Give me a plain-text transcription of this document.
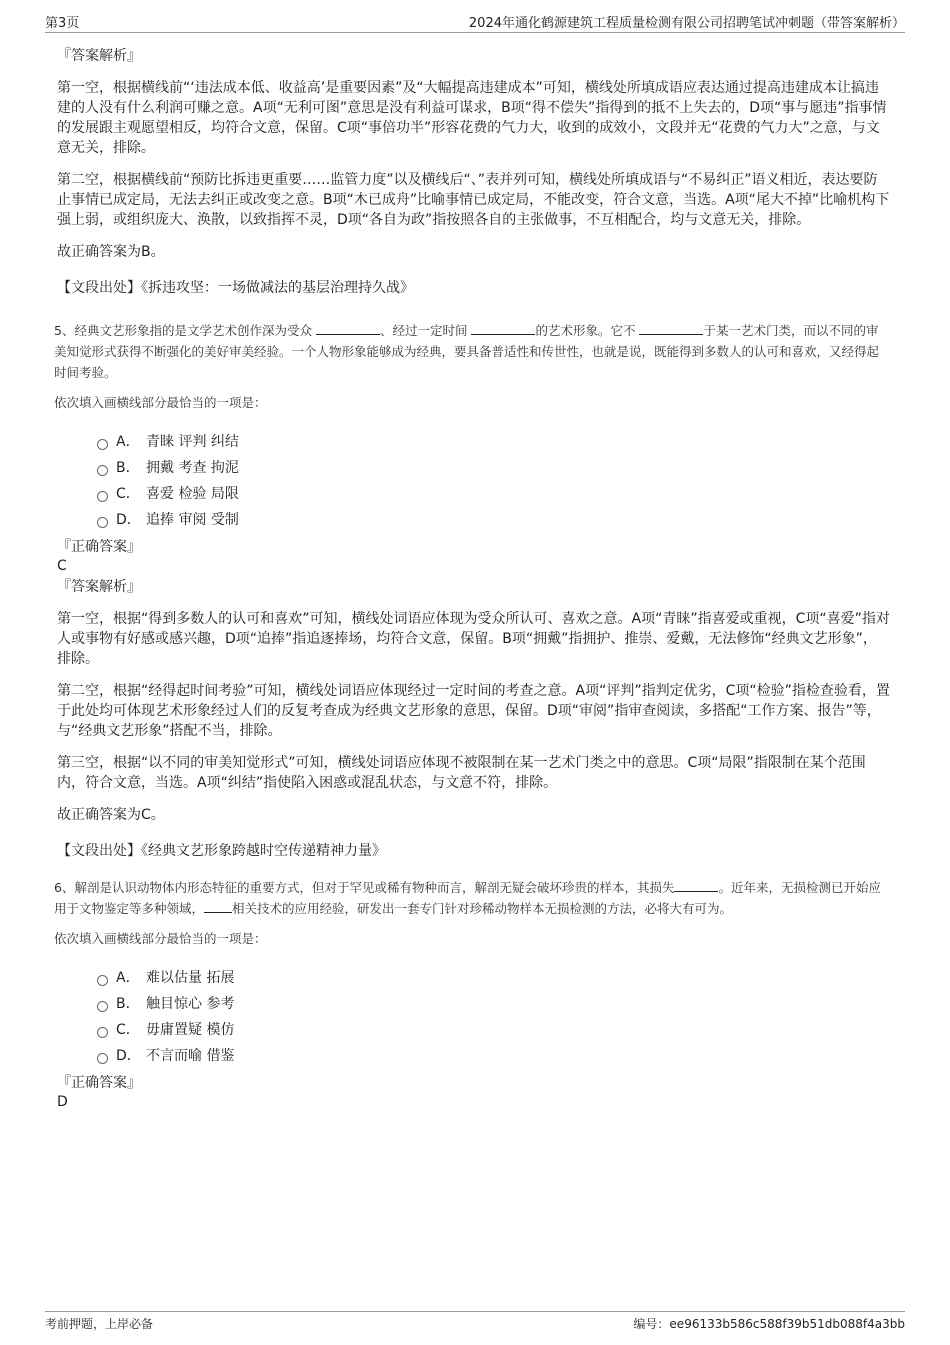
第3页	2024年通化鹤源建筑工程质量检测有限公司招聘笔试冲刺题（带答案解析）
『答案解析』

第一空，根据横线前“‘违法成本低、收益高’是重要因素”及“大幅提高违建成本”可知，横线处所填成语应表达通过提高违建成本让搞违建的人没有什么利润可赚之意。A项“无利可图”意思是没有利益可谋求，B项“得不偿失”指得到的抵不上失去的，D项“事与愿违”指事情的发展跟主观愿望相反，均符合文意，保留。C项“事倍功半”形容花费的气力大，收到的成效小，文段并无“花费的气力大”之意，与文意无关，排除。

第二空，根据横线前“预防比拆违更重要……监管力度”以及横线后“、”表并列可知，横线处所填成语与“不易纠正”语义相近，表达要防止事情已成定局，无法去纠正或改变之意。B项“木已成舟”比喻事情已成定局，不能改变，符合文意，当选。A项“尾大不掉”比喻机构下强上弱，或组织庞大、涣散，以致指挥不灵，D项“各自为政”指按照各自的主张做事，不互相配合，均与文意无关，排除。

故正确答案为B。

【文段出处】《拆违攻坚：一场做减法的基层治理持久战》

5、经典文艺形象指的是文学艺术创作深为受众	、经过一定时间	的艺术形象。它不	于某一艺术门类，而以不同的审美知觉形式获得不断强化的美好审美经验。一个人物形象能够成为经典，要具备普适性和传世性，也就是说，既能得到多数人的认可和喜欢，又经得起时间考验。

依次填入画横线部分最恰当的一项是：

A． 青睐 评判 纠结
B． 拥戴 考查 拘泥
C． 喜爱 检验 局限
D． 追捧 审阅 受制
『正确答案』
C
『答案解析』

第一空，根据“得到多数人的认可和喜欢”可知，横线处词语应体现为受众所认可、喜欢之意。A项“青睐”指喜爱或重视，C项“喜爱”指对人或事物有好感或感兴趣，D项“追捧”指追逐捧场，均符合文意，保留。B项“拥戴”指拥护、推崇、爱戴，无法修饰“经典文艺形象”，排除。

第二空，根据“经得起时间考验”可知，横线处词语应体现经过一定时间的考查之意。A项“评判”指判定优劣，C项“检验”指检查验看，置于此处均可体现艺术形象经过人们的反复考查成为经典文艺形象的意思，保留。D项“审阅”指审查阅读，多搭配“工作方案、报告”等，与“经典文艺形象”搭配不当，排除。

第三空，根据“以不同的审美知觉形式”可知，横线处词语应体现不被限制在某一艺术门类之中的意思。C项“局限”指限制在某个范围内，符合文意，当选。A项“纠结”指使陷入困惑或混乱状态，与文意不符，排除。

故正确答案为C。

【文段出处】《经典文艺形象跨越时空传递精神力量》

6、解剖是认识动物体内形态特征的重要方式，但对于罕见或稀有物种而言，解剖无疑会破坏珍贵的样本，其损失	。近年来，无损检测已开始应用于文物鉴定等多种领域， 相关技术的应用经验，研发出一套专门针对珍稀动物样本无损检测的方法，必将大有可为。

依次填入画横线部分最恰当的一项是：

A． 难以估量 拓展
B． 触目惊心 参考
C． 毋庸置疑 模仿
D． 不言而喻 借鉴
『正确答案』
D
考前押题，上岸必备	编号：ee96133b586c588f39b51db088f4a3bb
